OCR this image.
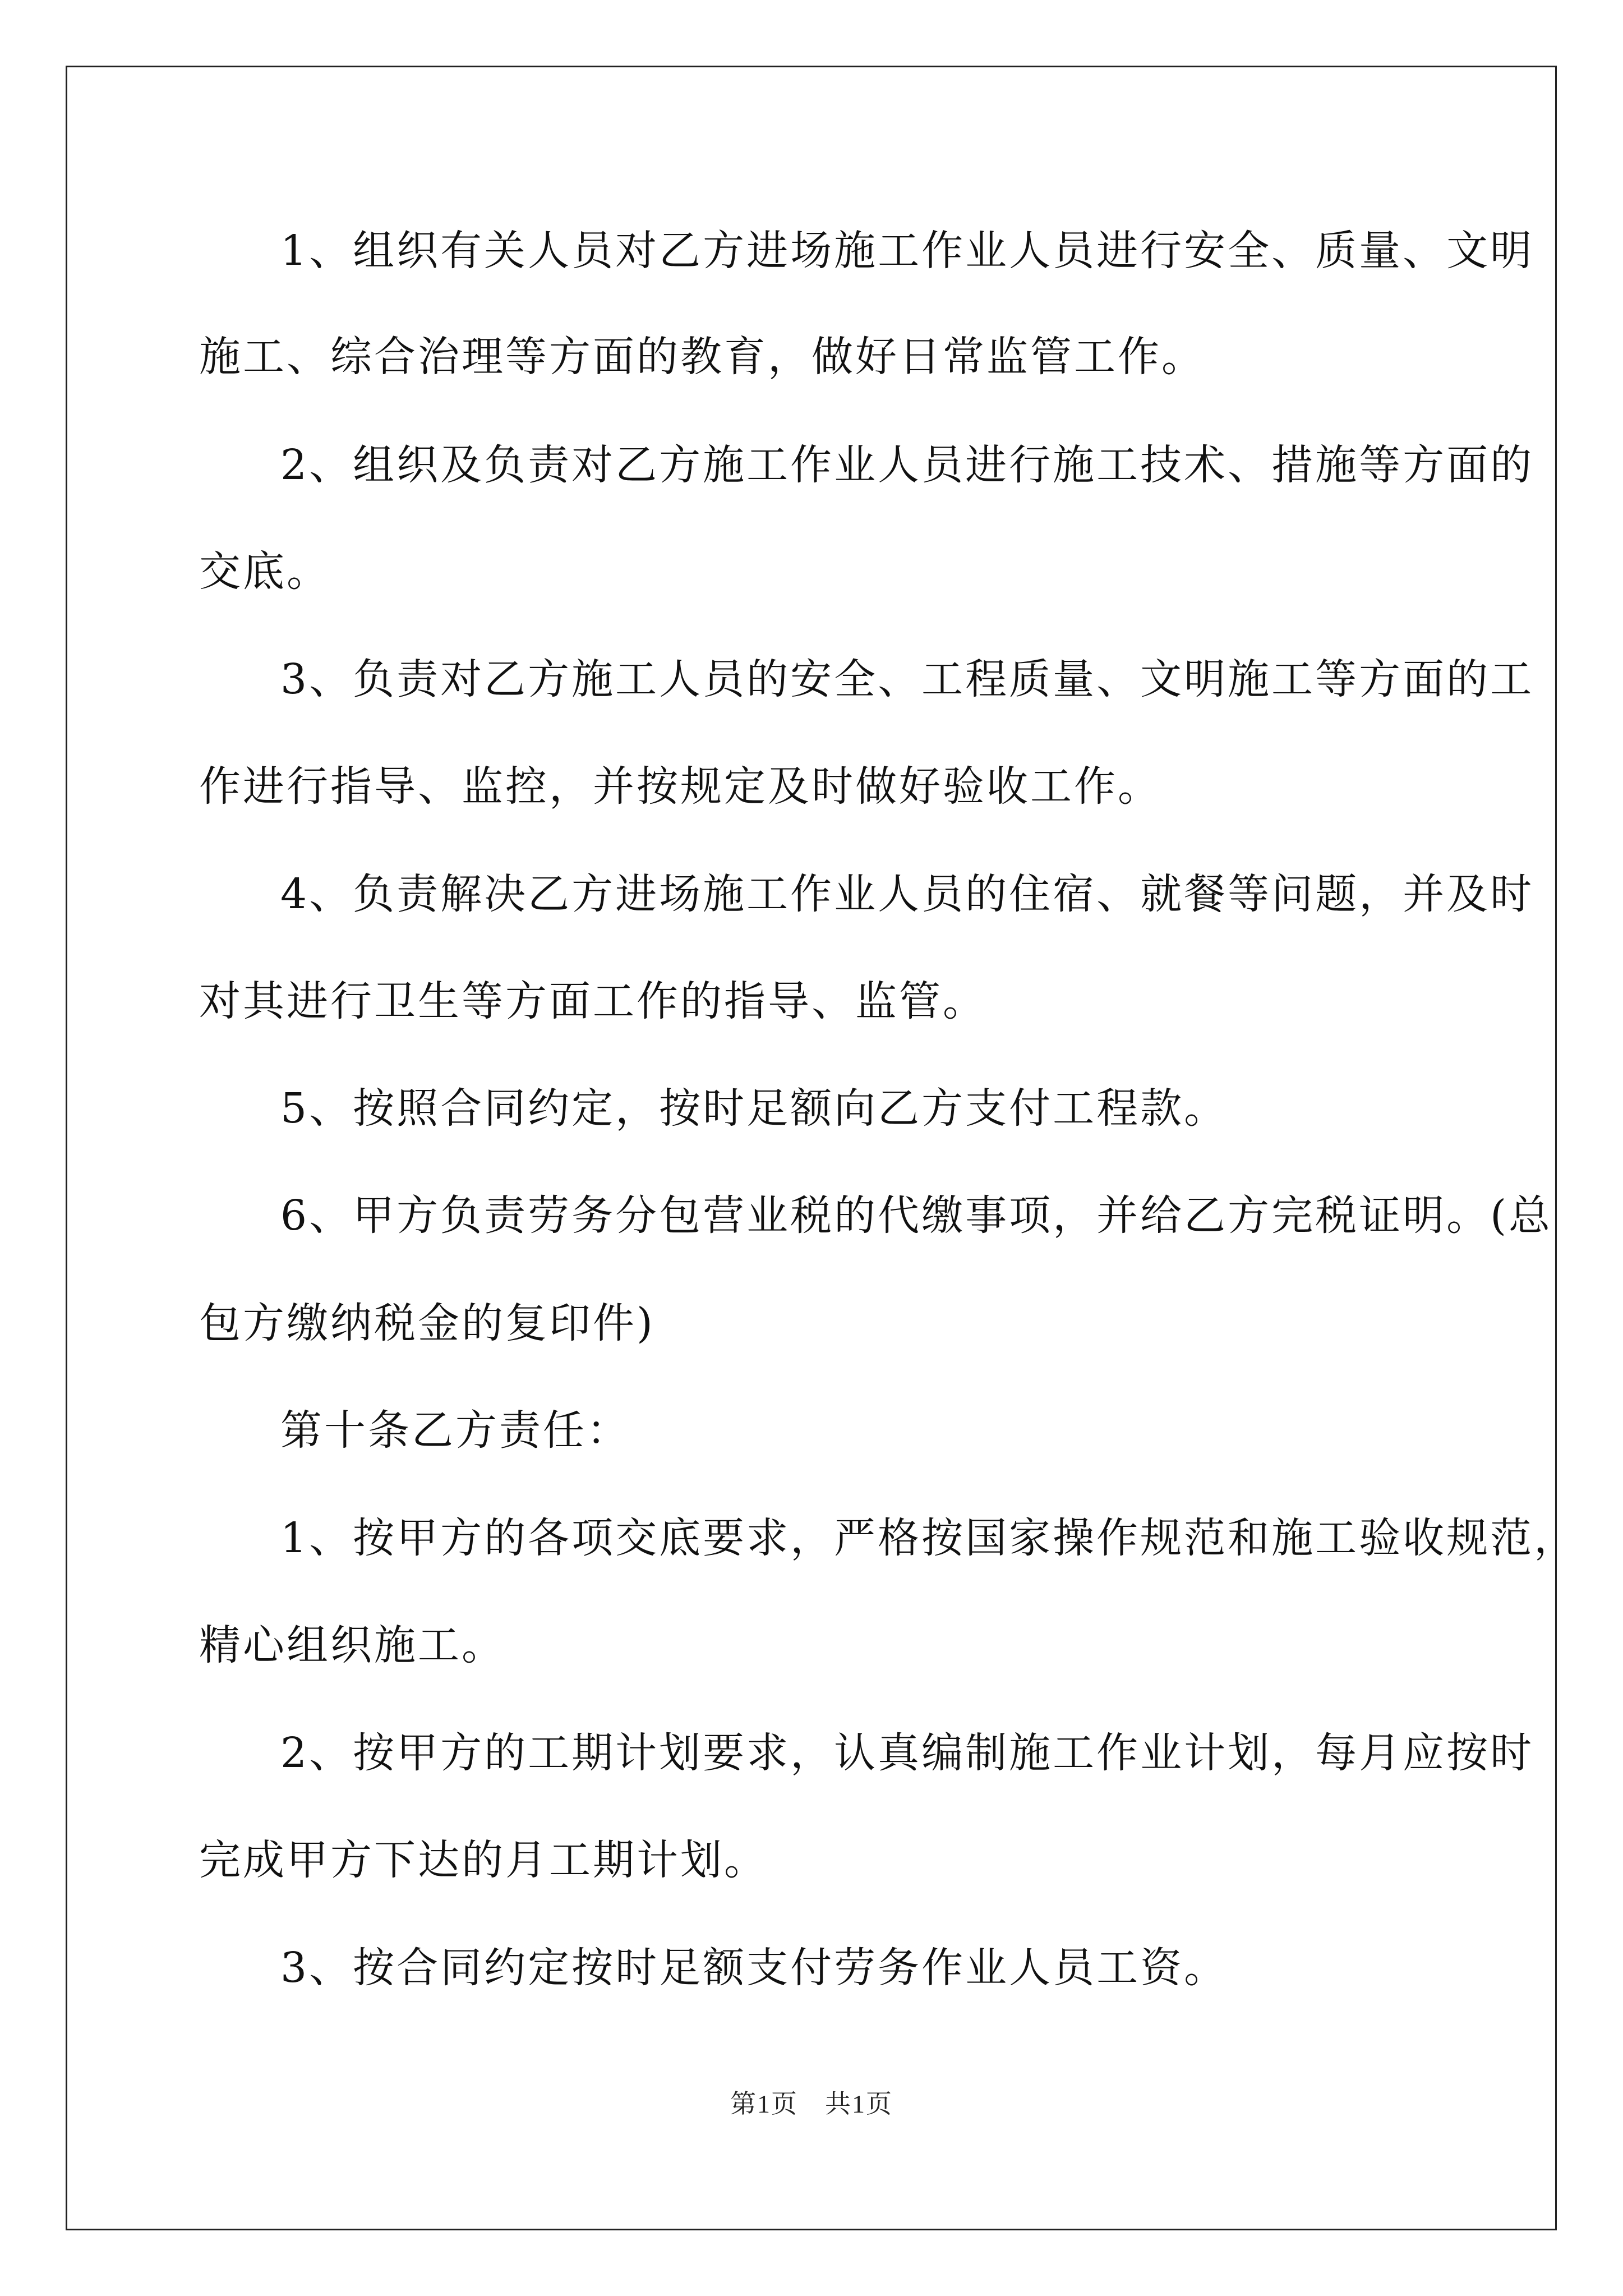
1、组织有关人员对乙方进场施工作业人员进行安全、质量、文明
施工、综合治理等方面的教育，做好日常监管工作。
2、组织及负责对乙方施工作业人员进行施工技术、措施等方面的
交底。
3、负责对乙方施工人员的安全、工程质量、文明施工等方面的工
作进行指导、监控，并按规定及时做好验收工作。
4、负责解决乙方进场施工作业人员的住宿、就餐等问题，并及时
对其进行卫生等方面工作的指导、监管。
5、按照合同约定，按时足额向乙方支付工程款。
6、甲方负责劳务分包营业税的代缴事项，并给乙方完税证明。(总
包方缴纳税金的复印件)
第十条乙方责任：
1、按甲方的各项交底要求，严格按国家操作规范和施工验收规范，
精心组织施工。
2、按甲方的工期计划要求，认真编制施工作业计划，每月应按时
完成甲方下达的月工期计划。
3、按合同约定按时足额支付劳务作业人员工资。
第1页　共1页
